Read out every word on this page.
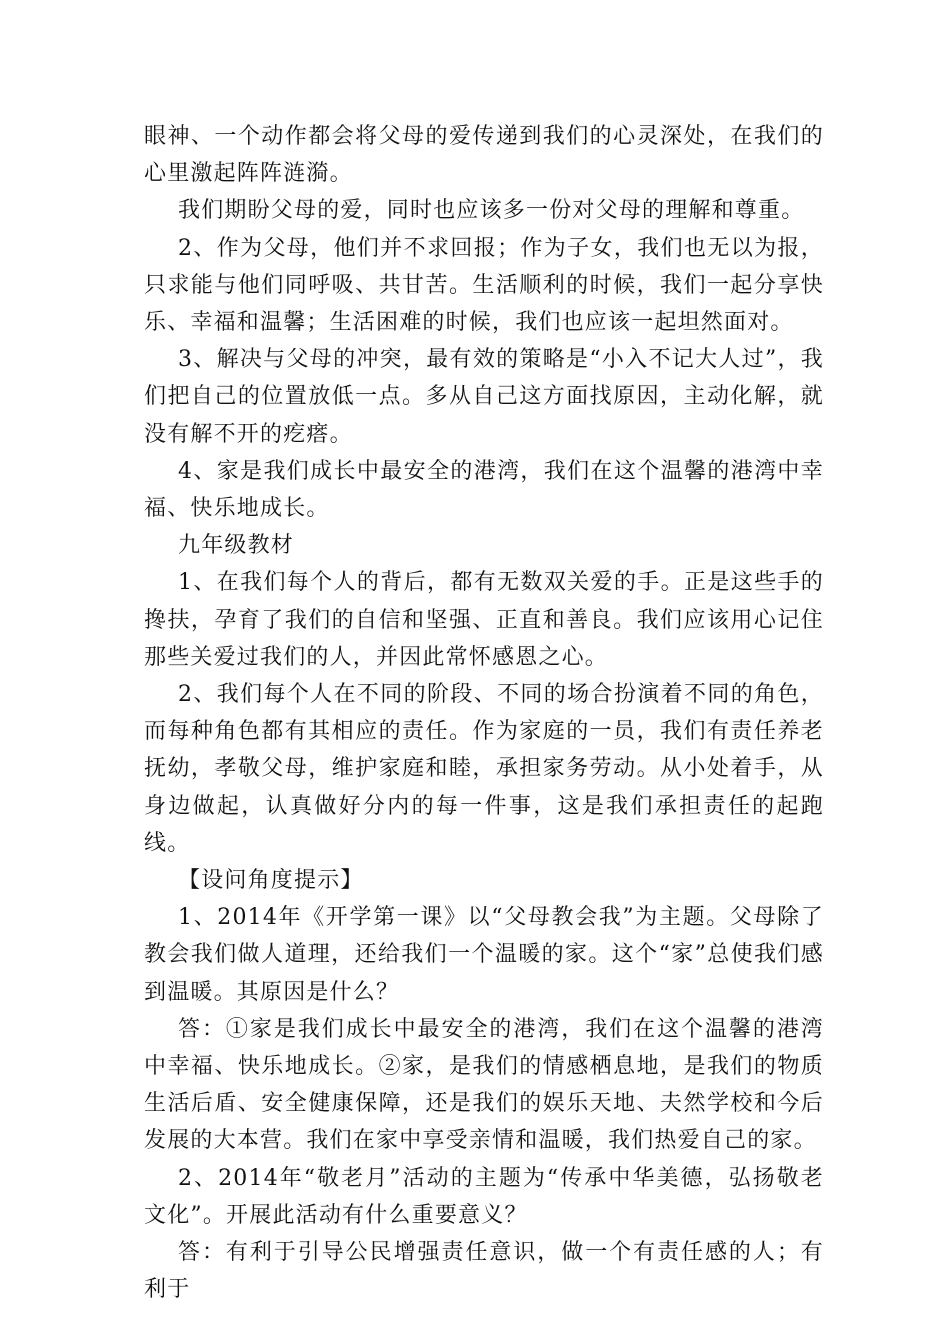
眼神、一个动作都会将父母的爱传递到我们的心灵深处，在我们的心里激起阵阵涟漪。

我们期盼父母的爱，同时也应该多一份对父母的理解和尊重。

2、作为父母，他们并不求回报；作为子女，我们也无以为报，只求能与他们同呼吸、共甘苦。生活顺利的时候，我们一起分享快乐、幸福和温馨；生活困难的时候，我们也应该一起坦然面对。

3、解决与父母的冲突，最有效的策略是“小入不记大人过”，我们把自己的位置放低一点。多从自己这方面找原因，主动化解，就没有解不开的疙瘩。

4、家是我们成长中最安全的港湾，我们在这个温馨的港湾中幸福、快乐地成长。

九年级教材

1、在我们每个人的背后，都有无数双关爱的手。正是这些手的搀扶，孕育了我们的自信和坚强、正直和善良。我们应该用心记住那些关爱过我们的人，并因此常怀感恩之心。

2、我们每个人在不同的阶段、不同的场合扮演着不同的角色，而每种角色都有其相应的责任。作为家庭的一员，我们有责任养老抚幼，孝敬父母，维护家庭和睦，承担家务劳动。从小处着手，从身边做起，认真做好分内的每一件事，这是我们承担责任的起跑线。

【设问角度提示】

1、2014年《开学第一课》以“父母教会我”为主题。父母除了教会我们做人道理，还给我们一个温暖的家。这个“家”总使我们感到温暖。其原因是什么？

答：①家是我们成长中最安全的港湾，我们在这个温馨的港湾中幸福、快乐地成长。②家，是我们的情感栖息地，是我们的物质生活后盾、安全健康保障，还是我们的娱乐天地、夫然学校和今后发展的大本营。我们在家中享受亲情和温暖，我们热爱自己的家。

2、2014年“敬老月”活动的主题为“传承中华美德，弘扬敬老文化”。开展此活动有什么重要意义？

答：有利于引导公民增强责任意识，做一个有责任感的人；有利于
